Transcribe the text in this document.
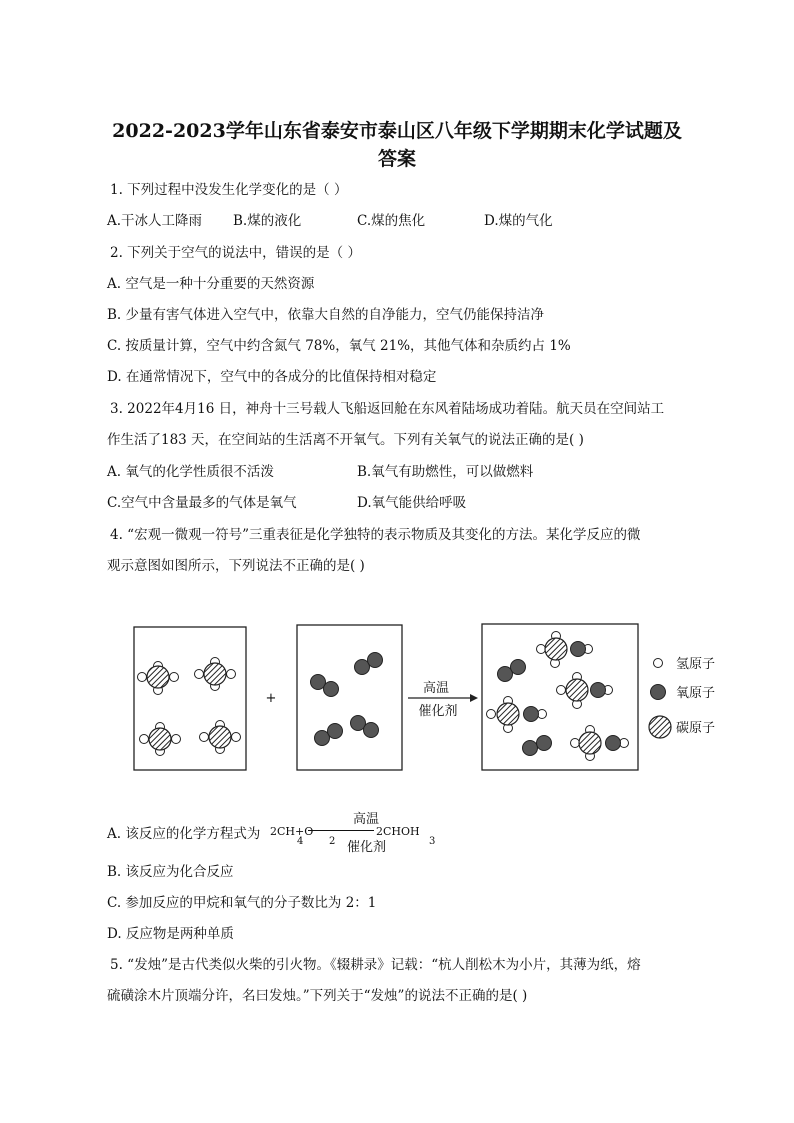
2022-2023学年山东省泰安市泰山区八年级下学期期末化学试题及
答案
1. 下列过程中没发生化学变化的是（ ）
A.干冰人工降雨 B.煤的液化	C.煤的焦化	D.煤的气化
2. 下列关于空气的说法中，错误的是（ ）
A. 空气是一种十分重要的天然资源
B. 少量有害气体进入空气中，依靠大自然的自净能力，空气仍能保持洁净
C. 按质量计算，空气中约含氮气 78%，氧气 21%，其他气体和杂质约占 1%
D. 在通常情况下，空气中的各成分的比值保持相对稳定
3. 2022年4月16 日，神舟十三号载人飞船返回舱在东风着陆场成功着陆。航天员在空间站工
作生活了183 天，在空间站的生活离不开氧气。下列有关氧气的说法正确的是( )
A. 氧气的化学性质很不活泼	B.氧气有助燃性，可以做燃料
C.空气中含量最多的气体是氧气	D.氧气能供给呼吸
4. “宏观一微观一符号”三重表征是化学独特的表示物质及其变化的方法。某化学反应的微
观示意图如图所示，下列说法不正确的是( )
+
高温
催化剂
氢原子
氧原子
碳原子
A. 该反应的化学方程式为 2CH+O
4	2
高温
催化剂
2CHOH
3
B. 该反应为化合反应
C. 参加反应的甲烷和氧气的分子数比为 2：1
D. 反应物是两种单质
5. “发烛”是古代类似火柴的引火物。《辍耕录》记载：“杭人削松木为小片，其薄为纸，熔
硫磺涂木片顶端分许，名曰发烛。”下列关于“发烛”的说法不正确的是( )
